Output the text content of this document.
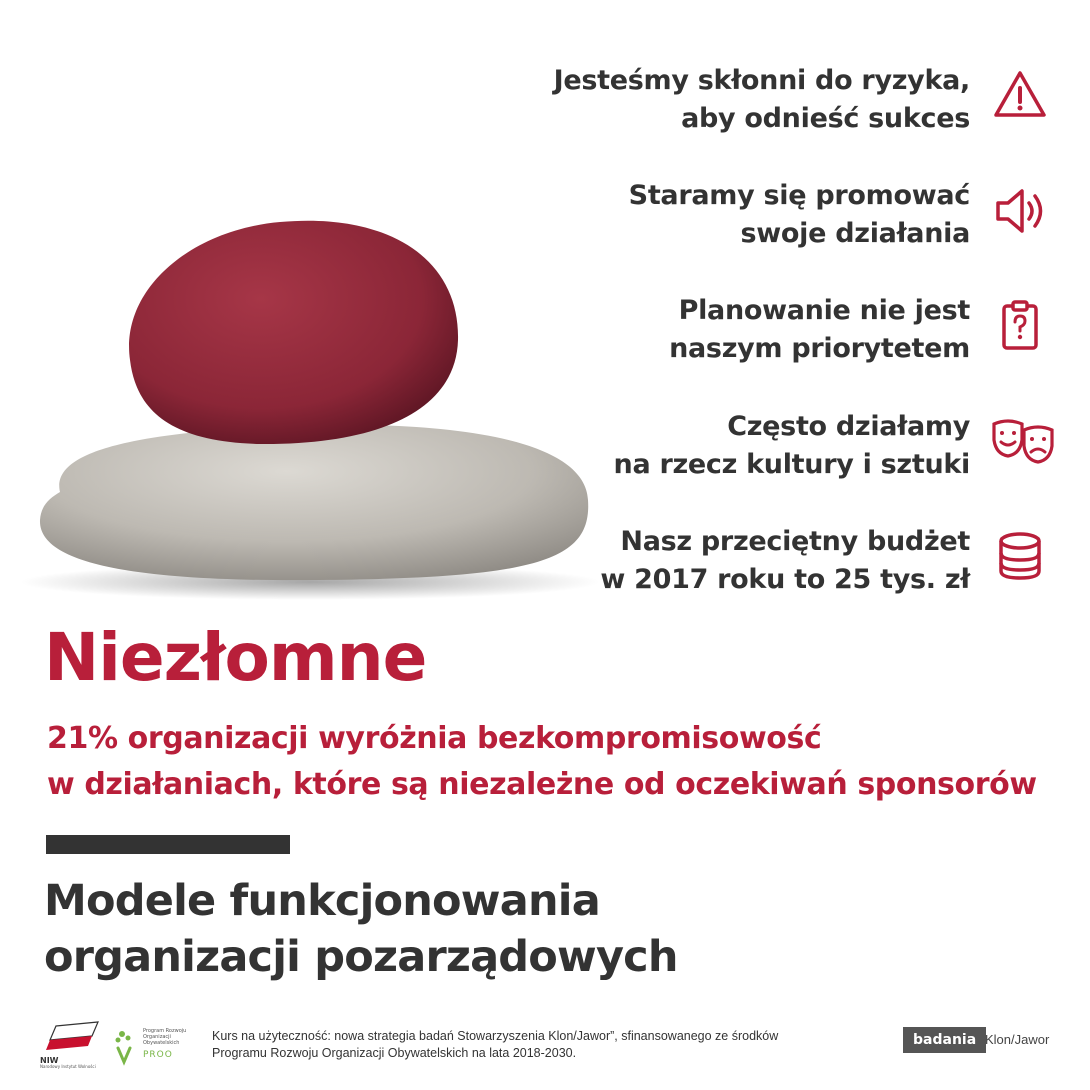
Jesteśmy skłonni do ryzyka,
aby odnieść sukces
Staramy się promować
swoje działania
Planowanie nie jest
naszym priorytetem
Często działamy
na rzecz kultury i sztuki
Nasz przeciętny budżet
w 2017 roku to 25 tys. zł
Niezłomne
21% organizacji wyróżnia bezkompromisowość
w działaniach, które są niezależne od oczekiwań sponsorów
Modele funkcjonowania
organizacji pozarządowych
NIW
Narodowy Instytut Wolności
Program Rozwoju Organizacji Obywatelskich
PROO
Kurs na użyteczność: nowa strategia badań Stowarzyszenia Klon/Jawor”, sfinansowanego ze środków
Programu Rozwoju Organizacji Obywatelskich na lata 2018-2030.
badania Klon/Jawor
